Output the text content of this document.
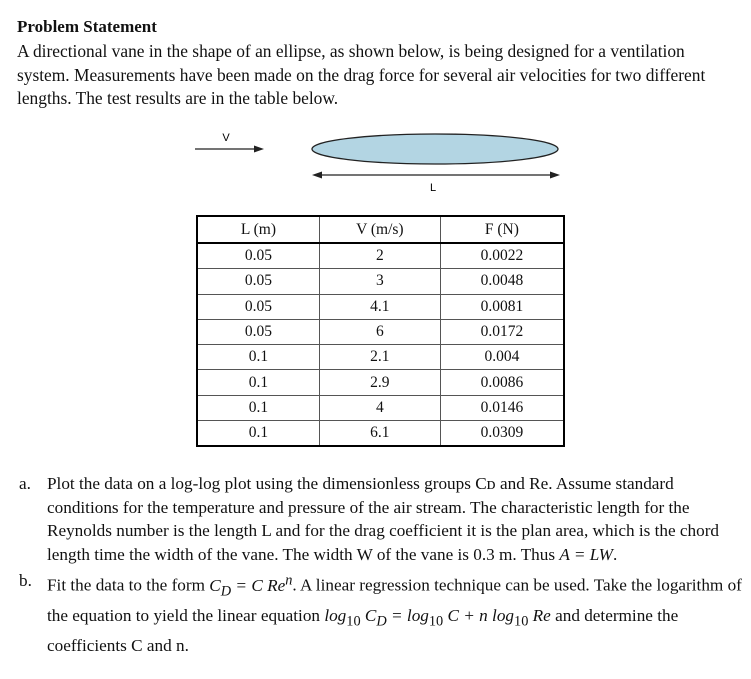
Problem Statement

A directional vane in the shape of an ellipse, as shown below, is being designed for a ventilation system. Measurements have been made on the drag force for several air velocities for two different lengths. The test results are in the table below.

V
L
L (m)	V (m/s)	F (N)
0.05	2	0.0022
0.05	3	0.0048
0.05	4.1	0.0081
0.05	6	0.0172
0.1	2.1	0.004
0.1	2.9	0.0086
0.1	4	0.0146
0.1	6.1	0.0309
a. Plot the data on a log-log plot using the dimensionless groups Cᴅ and Re. Assume standard conditions for the temperature and pressure of the air stream. The characteristic length for the Reynolds number is the length L and for the drag coefficient it is the plan area, which is the chord length time the width of the vane. The width W of the vane is 0.3 m. Thus A = LW.
b. Fit the data to the form $C_D = C$ Re$^n$. A linear regression technique can be used. Take the logarithm of the equation to yield the linear equation $\log_{10} C_D = \log_{10} C + n$ $\log_{10} Re$ and determine the coefficients C and n.
